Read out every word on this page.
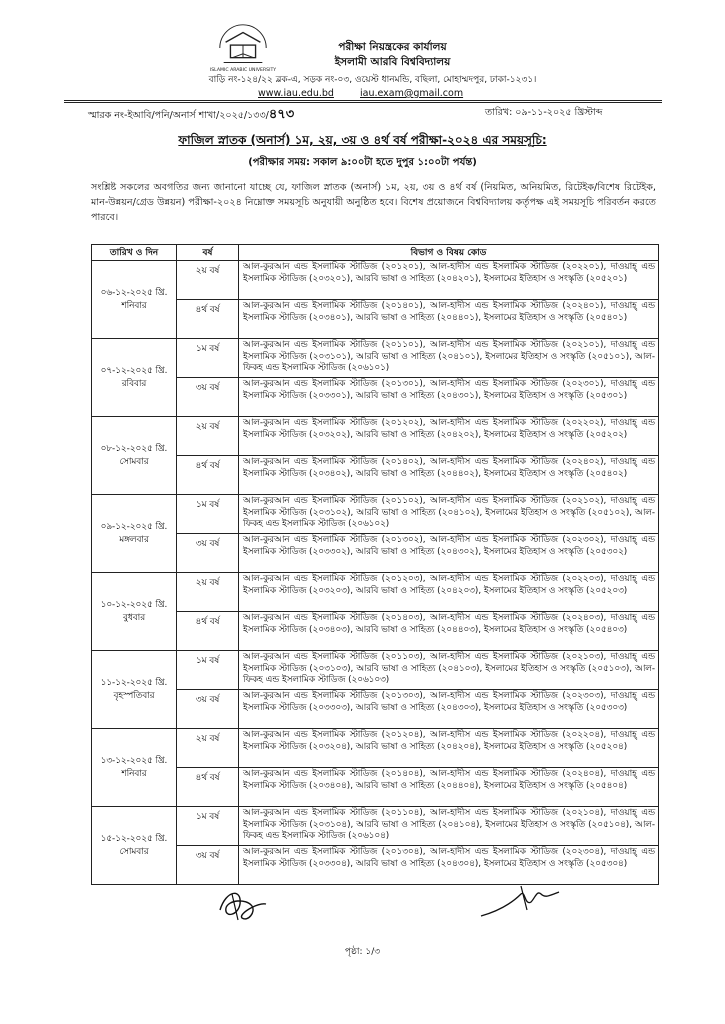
ISLAMIC ARABIC UNIVERSITY
পরীক্ষা নিয়ন্ত্রকের কার্যালয়
ইসলামী আরবি বিশ্ববিদ্যালয়
বাড়ি নং-১২৪/২২ ব্লক-এ, সড়ক নং-০৩, ওয়েস্ট ধানমন্ডি, বছিলা, মোহাম্মদপুর, ঢাকা-১২৩১।
www.iau.edu.bd	iau.exam@gmail.com
স্মারক নং-ইআবি/পনি/অনার্স শাখা/২০২৫/১৩৩/৪৭৩	তারিখ: ০৯-১১-২০২৫ খ্রিস্টাব্দ
ফাজিল স্নাতক (অনার্স) ১ম, ২য়, ৩য় ও ৪র্থ বর্ষ পরীক্ষা-২০২৪ এর সময়সূচি:
(পরীক্ষার সময়: সকাল ৯:০০টা হতে দুপুর ১:০০টা পর্যন্ত)
সংশ্লিষ্ট সকলের অবগতির জন্য জানানো যাচ্ছে যে, ফাজিল স্নাতক (অনার্স) ১ম, ২য়, ৩য় ও ৪র্থ বর্ষ (নিয়মিত, অনিয়মিত, রিটেইক/বিশেষ রিটেইক, মান-উন্নয়ন/গ্রেড উন্নয়ন) পরীক্ষা-২০২৪ নিম্নোক্ত সময়সূচি অনুযায়ী অনুষ্ঠিত হবে। বিশেষ প্রয়োজনে বিশ্ববিদ্যালয় কর্তৃপক্ষ এই সময়সূচি পরিবর্তন করতে পারবে।
তারিখ ও দিন	বর্ষ	বিভাগ ও বিষয় কোড

০৬-১২-২০২৫ খ্রি.
শনিবার	২য় বর্ষ	আল-কুরআন এন্ড ইসলামিক স্টাডিজ (২০১২০১), আল-হাদীস এন্ড ইসলামিক স্টাডিজ (২০২২০১), দাওয়াহ্ এন্ড ইসলামিক স্টাডিজ (২০৩২০১), আরবি ভাষা ও সাহিত্য (২০৪২০১), ইসলামের ইতিহাস ও সংস্কৃতি (২০৫২০১)
	৪র্থ বর্ষ	আল-কুরআন এন্ড ইসলামিক স্টাডিজ (২০১৪০১), আল-হাদীস এন্ড ইসলামিক স্টাডিজ (২০২৪০১), দাওয়াহ্ এন্ড ইসলামিক স্টাডিজ (২০৩৪০১), আরবি ভাষা ও সাহিত্য (২০৪৪০১), ইসলামের ইতিহাস ও সংস্কৃতি (২০৫৪০১)

০৭-১২-২০২৫ খ্রি.
রবিবার	১ম বর্ষ	আল-কুরআন এন্ড ইসলামিক স্টাডিজ (২০১১০১), আল-হাদীস এন্ড ইসলামিক স্টাডিজ (২০২১০১), দাওয়াহ্ এন্ড ইসলামিক স্টাডিজ (২০৩১০১), আরবি ভাষা ও সাহিত্য (২০৪১০১), ইসলামের ইতিহাস ও সংস্কৃতি (২০৫১০১), আল-ফিকহ এন্ড ইসলামিক স্টাডিজ (২০৬১০১)
	৩য় বর্ষ	আল-কুরআন এন্ড ইসলামিক স্টাডিজ (২০১৩০১), আল-হাদীস এন্ড ইসলামিক স্টাডিজ (২০২৩০১), দাওয়াহ্ এন্ড ইসলামিক স্টাডিজ (২০৩৩০১), আরবি ভাষা ও সাহিত্য (২০৪৩০১), ইসলামের ইতিহাস ও সংস্কৃতি (২০৫৩০১)

০৮-১২-২০২৫ খ্রি.
সোমবার	২য় বর্ষ	আল-কুরআন এন্ড ইসলামিক স্টাডিজ (২০১২০২), আল-হাদীস এন্ড ইসলামিক স্টাডিজ (২০২২০২), দাওয়াহ্ এন্ড ইসলামিক স্টাডিজ (২০৩২০২), আরবি ভাষা ও সাহিত্য (২০৪২০২), ইসলামের ইতিহাস ও সংস্কৃতি (২০৫২০২)
	৪র্থ বর্ষ	আল-কুরআন এন্ড ইসলামিক স্টাডিজ (২০১৪০২), আল-হাদীস এন্ড ইসলামিক স্টাডিজ (২০২৪০২), দাওয়াহ্ এন্ড ইসলামিক স্টাডিজ (২০৩৪০২), আরবি ভাষা ও সাহিত্য (২০৪৪০২), ইসলামের ইতিহাস ও সংস্কৃতি (২০৫৪০২)

০৯-১২-২০২৫ খ্রি.
মঙ্গলবার	১ম বর্ষ	আল-কুরআন এন্ড ইসলামিক স্টাডিজ (২০১১০২), আল-হাদীস এন্ড ইসলামিক স্টাডিজ (২০২১০২), দাওয়াহ্ এন্ড ইসলামিক স্টাডিজ (২০৩১০২), আরবি ভাষা ও সাহিত্য (২০৪১০২), ইসলামের ইতিহাস ও সংস্কৃতি (২০৫১০২), আল-ফিকহ এন্ড ইসলামিক স্টাডিজ (২০৬১০২)
	৩য় বর্ষ	আল-কুরআন এন্ড ইসলামিক স্টাডিজ (২০১৩০২), আল-হাদীস এন্ড ইসলামিক স্টাডিজ (২০২৩০২), দাওয়াহ্ এন্ড ইসলামিক স্টাডিজ (২০৩৩০২), আরবি ভাষা ও সাহিত্য (২০৪৩০২), ইসলামের ইতিহাস ও সংস্কৃতি (২০৫৩০২)

১০-১২-২০২৫ খ্রি.
বুধবার	২য় বর্ষ	আল-কুরআন এন্ড ইসলামিক স্টাডিজ (২০১২০৩), আল-হাদীস এন্ড ইসলামিক স্টাডিজ (২০২২০৩), দাওয়াহ্ এন্ড ইসলামিক স্টাডিজ (২০৩২০৩), আরবি ভাষা ও সাহিত্য (২০৪২০৩), ইসলামের ইতিহাস ও সংস্কৃতি (২০৫২০৩)
	৪র্থ বর্ষ	আল-কুরআন এন্ড ইসলামিক স্টাডিজ (২০১৪০৩), আল-হাদীস এন্ড ইসলামিক স্টাডিজ (২০২৪০৩), দাওয়াহ্ এন্ড ইসলামিক স্টাডিজ (২০৩৪০৩), আরবি ভাষা ও সাহিত্য (২০৪৪০৩), ইসলামের ইতিহাস ও সংস্কৃতি (২০৫৪০৩)

১১-১২-২০২৫ খ্রি.
বৃহস্পতিবার	১ম বর্ষ	আল-কুরআন এন্ড ইসলামিক স্টাডিজ (২০১১০৩), আল-হাদীস এন্ড ইসলামিক স্টাডিজ (২০২১০৩), দাওয়াহ্ এন্ড ইসলামিক স্টাডিজ (২০৩১০৩), আরবি ভাষা ও সাহিত্য (২০৪১০৩), ইসলামের ইতিহাস ও সংস্কৃতি (২০৫১০৩), আল-ফিকহ এন্ড ইসলামিক স্টাডিজ (২০৬১০৩)
	৩য় বর্ষ	আল-কুরআন এন্ড ইসলামিক স্টাডিজ (২০১৩০৩), আল-হাদীস এন্ড ইসলামিক স্টাডিজ (২০২৩০৩), দাওয়াহ্ এন্ড ইসলামিক স্টাডিজ (২০৩৩০৩), আরবি ভাষা ও সাহিত্য (২০৪৩০৩), ইসলামের ইতিহাস ও সংস্কৃতি (২০৫৩০৩)

১৩-১২-২০২৫ খ্রি.
শনিবার	২য় বর্ষ	আল-কুরআন এন্ড ইসলামিক স্টাডিজ (২০১২০৪), আল-হাদীস এন্ড ইসলামিক স্টাডিজ (২০২২০৪), দাওয়াহ্ এন্ড ইসলামিক স্টাডিজ (২০৩২০৪), আরবি ভাষা ও সাহিত্য (২০৪২০৪), ইসলামের ইতিহাস ও সংস্কৃতি (২০৫২০৪)
	৪র্থ বর্ষ	আল-কুরআন এন্ড ইসলামিক স্টাডিজ (২০১৪০৪), আল-হাদীস এন্ড ইসলামিক স্টাডিজ (২০২৪০৪), দাওয়াহ্ এন্ড ইসলামিক স্টাডিজ (২০৩৪০৪), আরবি ভাষা ও সাহিত্য (২০৪৪০৪), ইসলামের ইতিহাস ও সংস্কৃতি (২০৫৪০৪)

১৫-১২-২০২৫ খ্রি.
সোমবার	১ম বর্ষ	আল-কুরআন এন্ড ইসলামিক স্টাডিজ (২০১১০৪), আল-হাদীস এন্ড ইসলামিক স্টাডিজ (২০২১০৪), দাওয়াহ্ এন্ড ইসলামিক স্টাডিজ (২০৩১০৪), আরবি ভাষা ও সাহিত্য (২০৪১০৪), ইসলামের ইতিহাস ও সংস্কৃতি (২০৫১০৪), আল-ফিকহ এন্ড ইসলামিক স্টাডিজ (২০৬১০৪)
	৩য় বর্ষ	আল-কুরআন এন্ড ইসলামিক স্টাডিজ (২০১৩০৪), আল-হাদীস এন্ড ইসলামিক স্টাডিজ (২০২৩০৪), দাওয়াহ্ এন্ড ইসলামিক স্টাডিজ (২০৩৩০৪), আরবি ভাষা ও সাহিত্য (২০৪৩০৪), ইসলামের ইতিহাস ও সংস্কৃতি (২০৫৩০৪)
পৃষ্ঠা: ১/৩
